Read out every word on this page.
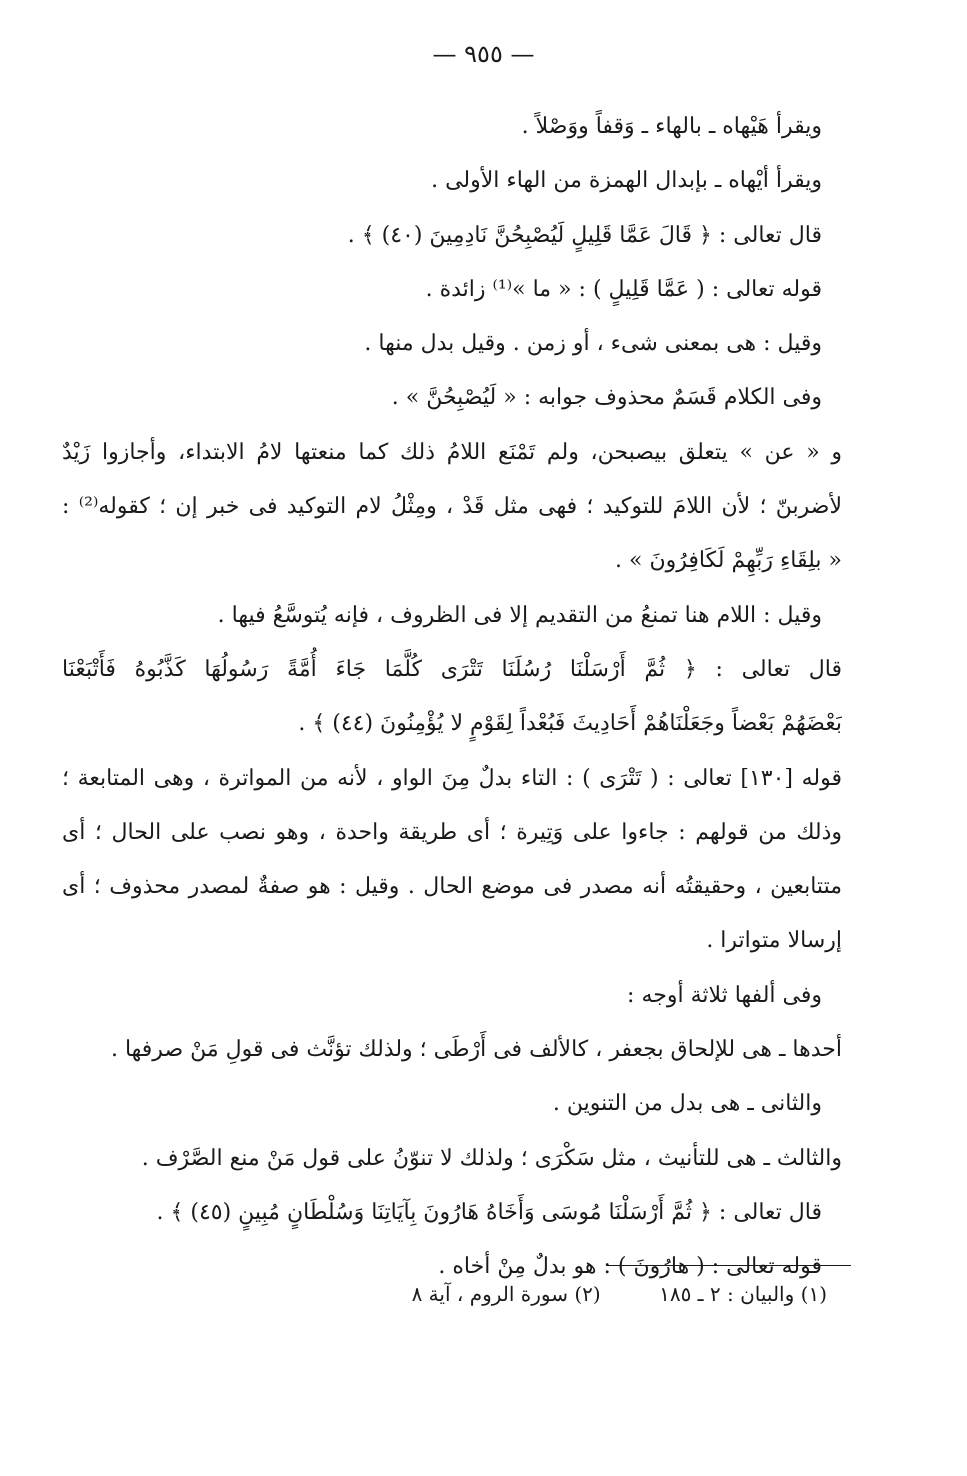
— ٩٥٥ —
ويقرأ هَيْهاه ـ بالهاء ـ وَقفاً ووَصْلاً .
ويقرأ أيْهاه ـ بإبدال الهمزة من الهاء الأولى .
قال تعالى : ﴿ قَالَ عَمَّا قَلِيلٍ لَيُصْبِحُنَّ نَادِمِينَ (٤٠) ﴾ .
قوله تعالى : ( عَمَّا قَلِيلٍ ) : « ما »⁽¹⁾ زائدة .
وقيل : هى بمعنى شىء ، أو زمن . وقيل بدل منها .
وفى الكلام قَسَمٌ محذوف جوابه : « لَيُصْبِحُنَّ » .
و « عن » يتعلق بيصبحن، ولم تَمْنَع اللامُ ذلك كما منعتها لامُ الابتداء، وأجازوا زَيْدٌ
لأضربنّ ؛ لأن اللامَ للتوكيد ؛ فهى مثل قَدْ ، ومِثْلُ لام التوكيد فى خبر إن ؛ كقوله⁽²⁾ :
« بلِقَاءِ رَبِّهِمْ لَكَافِرُونَ » .
وقيل : اللام هنا تمنعُ من التقديم إلا فى الظروف ، فإنه يُتوسَّعُ فيها .
قال تعالى : ﴿ ثُمَّ أَرْسَلْنَا رُسُلَنَا تَتْرَى كُلَّمَا جَاءَ أُمَّةً رَسُولُهَا كَذَّبُوهُ فَأَتْبَعْنَا
بَعْضَهُمْ بَعْضاً وجَعَلْنَاهُمْ أَحَادِيثَ فَبُعْداً لِقَوْمٍ لا يُؤْمِنُونَ (٤٤) ﴾ .
قوله [١٣٠] تعالى : ( تَتْرَى ) : التاء بدلٌ مِنَ الواو ، لأنه من المواترة ، وهى المتابعة ؛
وذلك من قولهم : جاءوا على وَتِيرة ؛ أى طريقة واحدة ، وهو نصب على الحال ؛ أى
متتابعين ، وحقيقتُه أنه مصدر فى موضع الحال . وقيل : هو صفةٌ لمصدر محذوف ؛ أى
إرسالا متواترا .
وفى ألفها ثلاثة أوجه :
أحدها ـ هى للإلحاق بجعفر ، كالألف فى أَرْطَى ؛ ولذلك تؤنَّث فى قولِ مَنْ صرفها .
والثانى ـ هى بدل من التنوين .
والثالث ـ هى للتأنيث ، مثل سَكْرَى ؛ ولذلك لا تنوّنُ على قول مَنْ منع الصَّرْف .
قال تعالى : ﴿ ثُمَّ أَرْسَلْنَا مُوسَى وَأَخَاهُ هَارُونَ بِآيَاتِنَا وَسُلْطَانٍ مُبِينٍ (٤٥) ﴾ .
قوله تعالى : ( هارُونَ ) : هو بدلٌ مِنْ أخاه .
(١) والبيان : ٢ ـ ١٨٥ (٢) سورة الروم ، آية ٨
